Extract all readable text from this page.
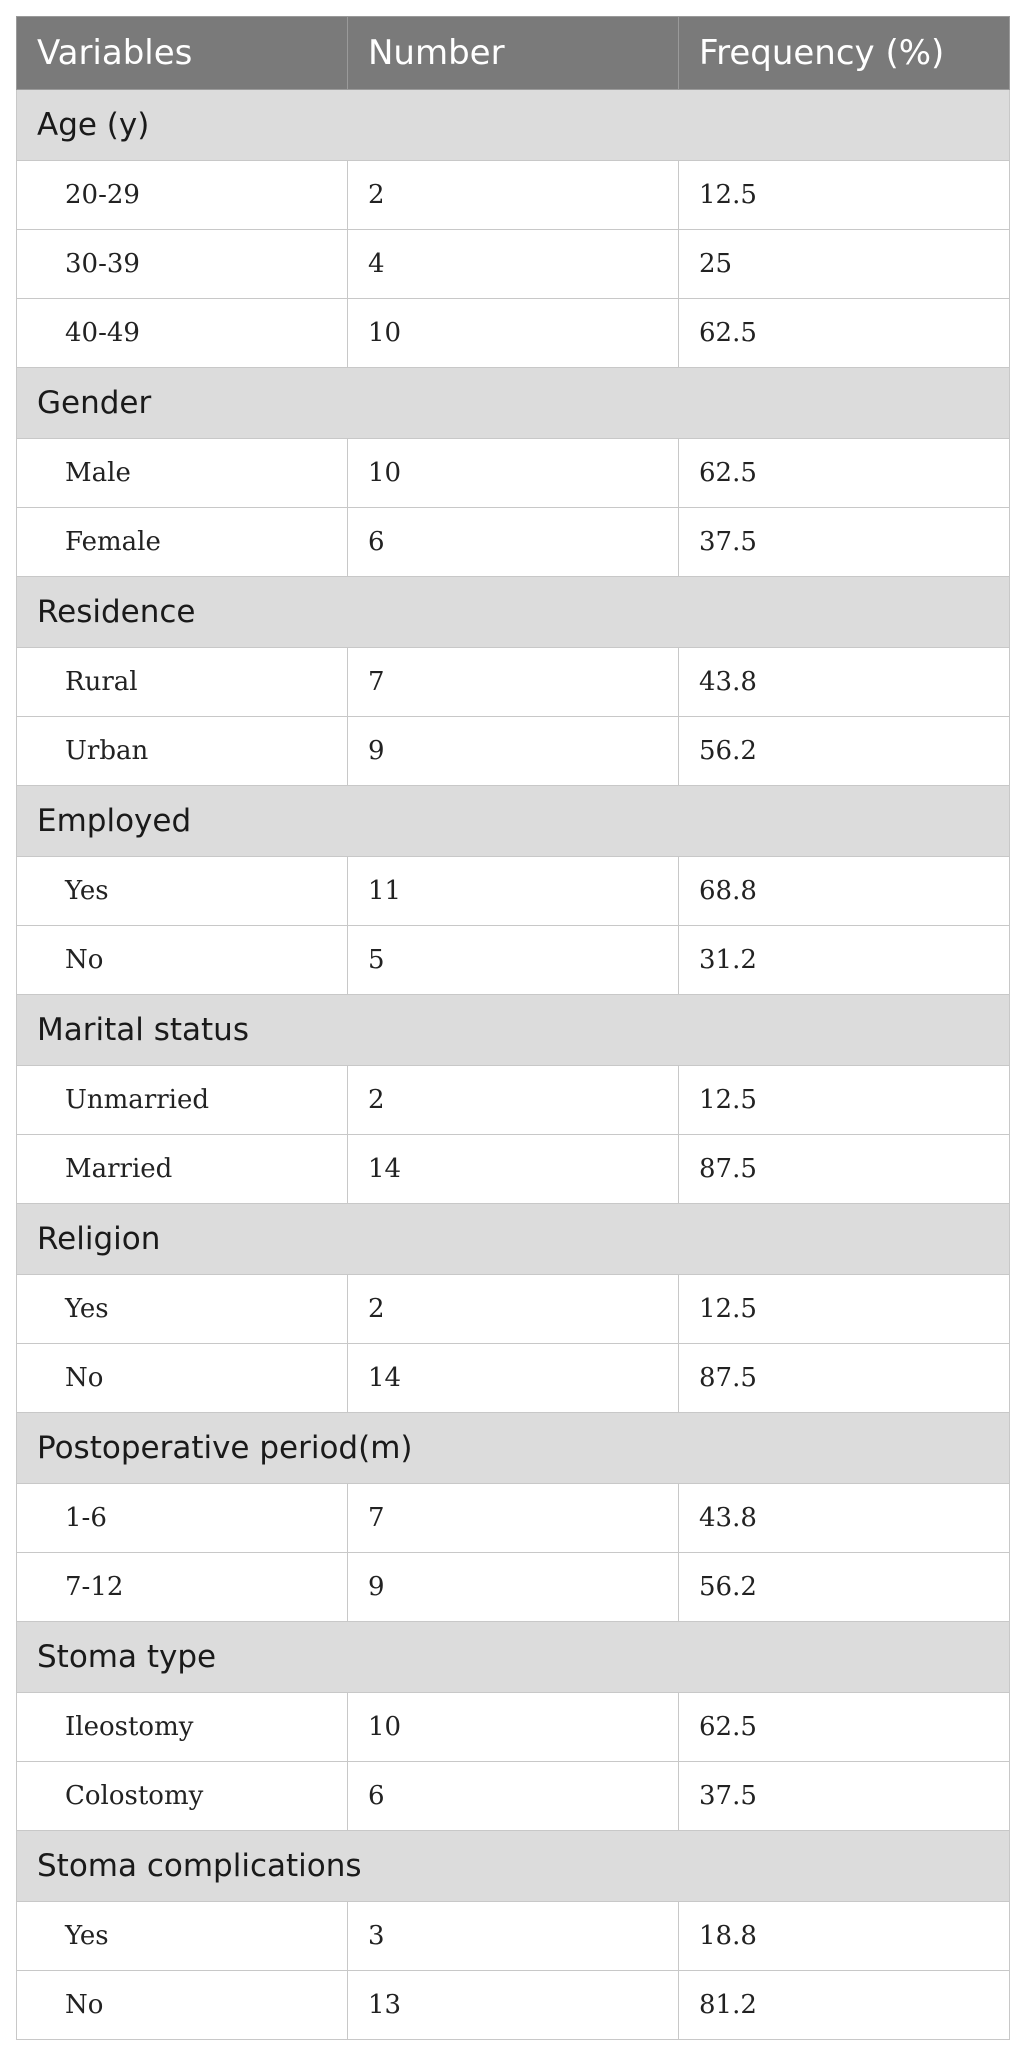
Variables	Number	Frequency (%)
Age (y)		
20-29	2	12.5
30-39	4	25
40-49	10	62.5
Gender		
Male	10	62.5
Female	6	37.5
Residence		
Rural	7	43.8
Urban	9	56.2
Employed		
Yes	11	68.8
No	5	31.2
Marital status		
Unmarried	2	12.5
Married	14	87.5
Religion		
Yes	2	12.5
No	14	87.5
Postoperative period(m)		
1-6	7	43.8
7-12	9	56.2
Stoma type		
Ileostomy	10	62.5
Colostomy	6	37.5
Stoma complications		
Yes	3	18.8
No	13	81.2
